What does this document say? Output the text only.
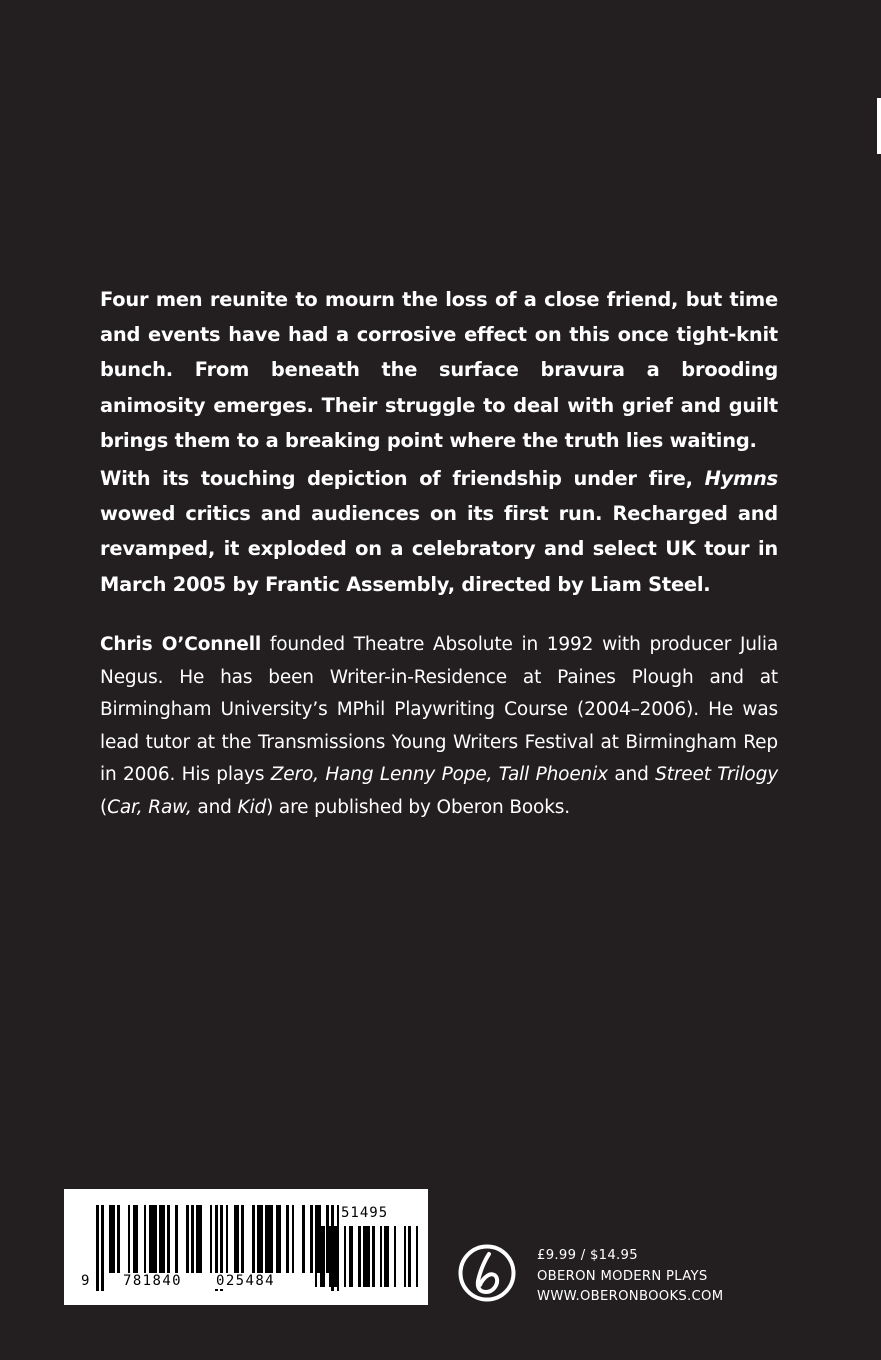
Four men reunite to mourn the loss of a close friend, but time and events have had a corrosive effect on this once tight-knit bunch. From beneath the surface bravura a brooding animosity emerges. Their struggle to deal with grief and guilt brings them to a breaking point where the truth lies waiting.

With its touching depiction of friendship under fire, Hymns wowed critics and audiences on its first run. Recharged and revamped, it exploded on a celebratory and select UK tour in March 2005 by Frantic Assembly, directed by Liam Steel.

Chris O’Connell founded Theatre Absolute in 1992 with producer Julia Negus. He has been Writer-in-Residence at Paines Plough and at Birmingham University’s MPhil Playwriting Course (2004–2006). He was lead tutor at the Transmissions Young Writers Festival at Birmingham Rep in 2006. His plays Zero, Hang Lenny Pope, Tall Phoenix and Street Trilogy (Car, Raw, and Kid) are published by Oberon Books.

9 781840 025484
51495
£9.99 / $14.95
OBERON MODERN PLAYS
WWW.OBERONBOOKS.COM
